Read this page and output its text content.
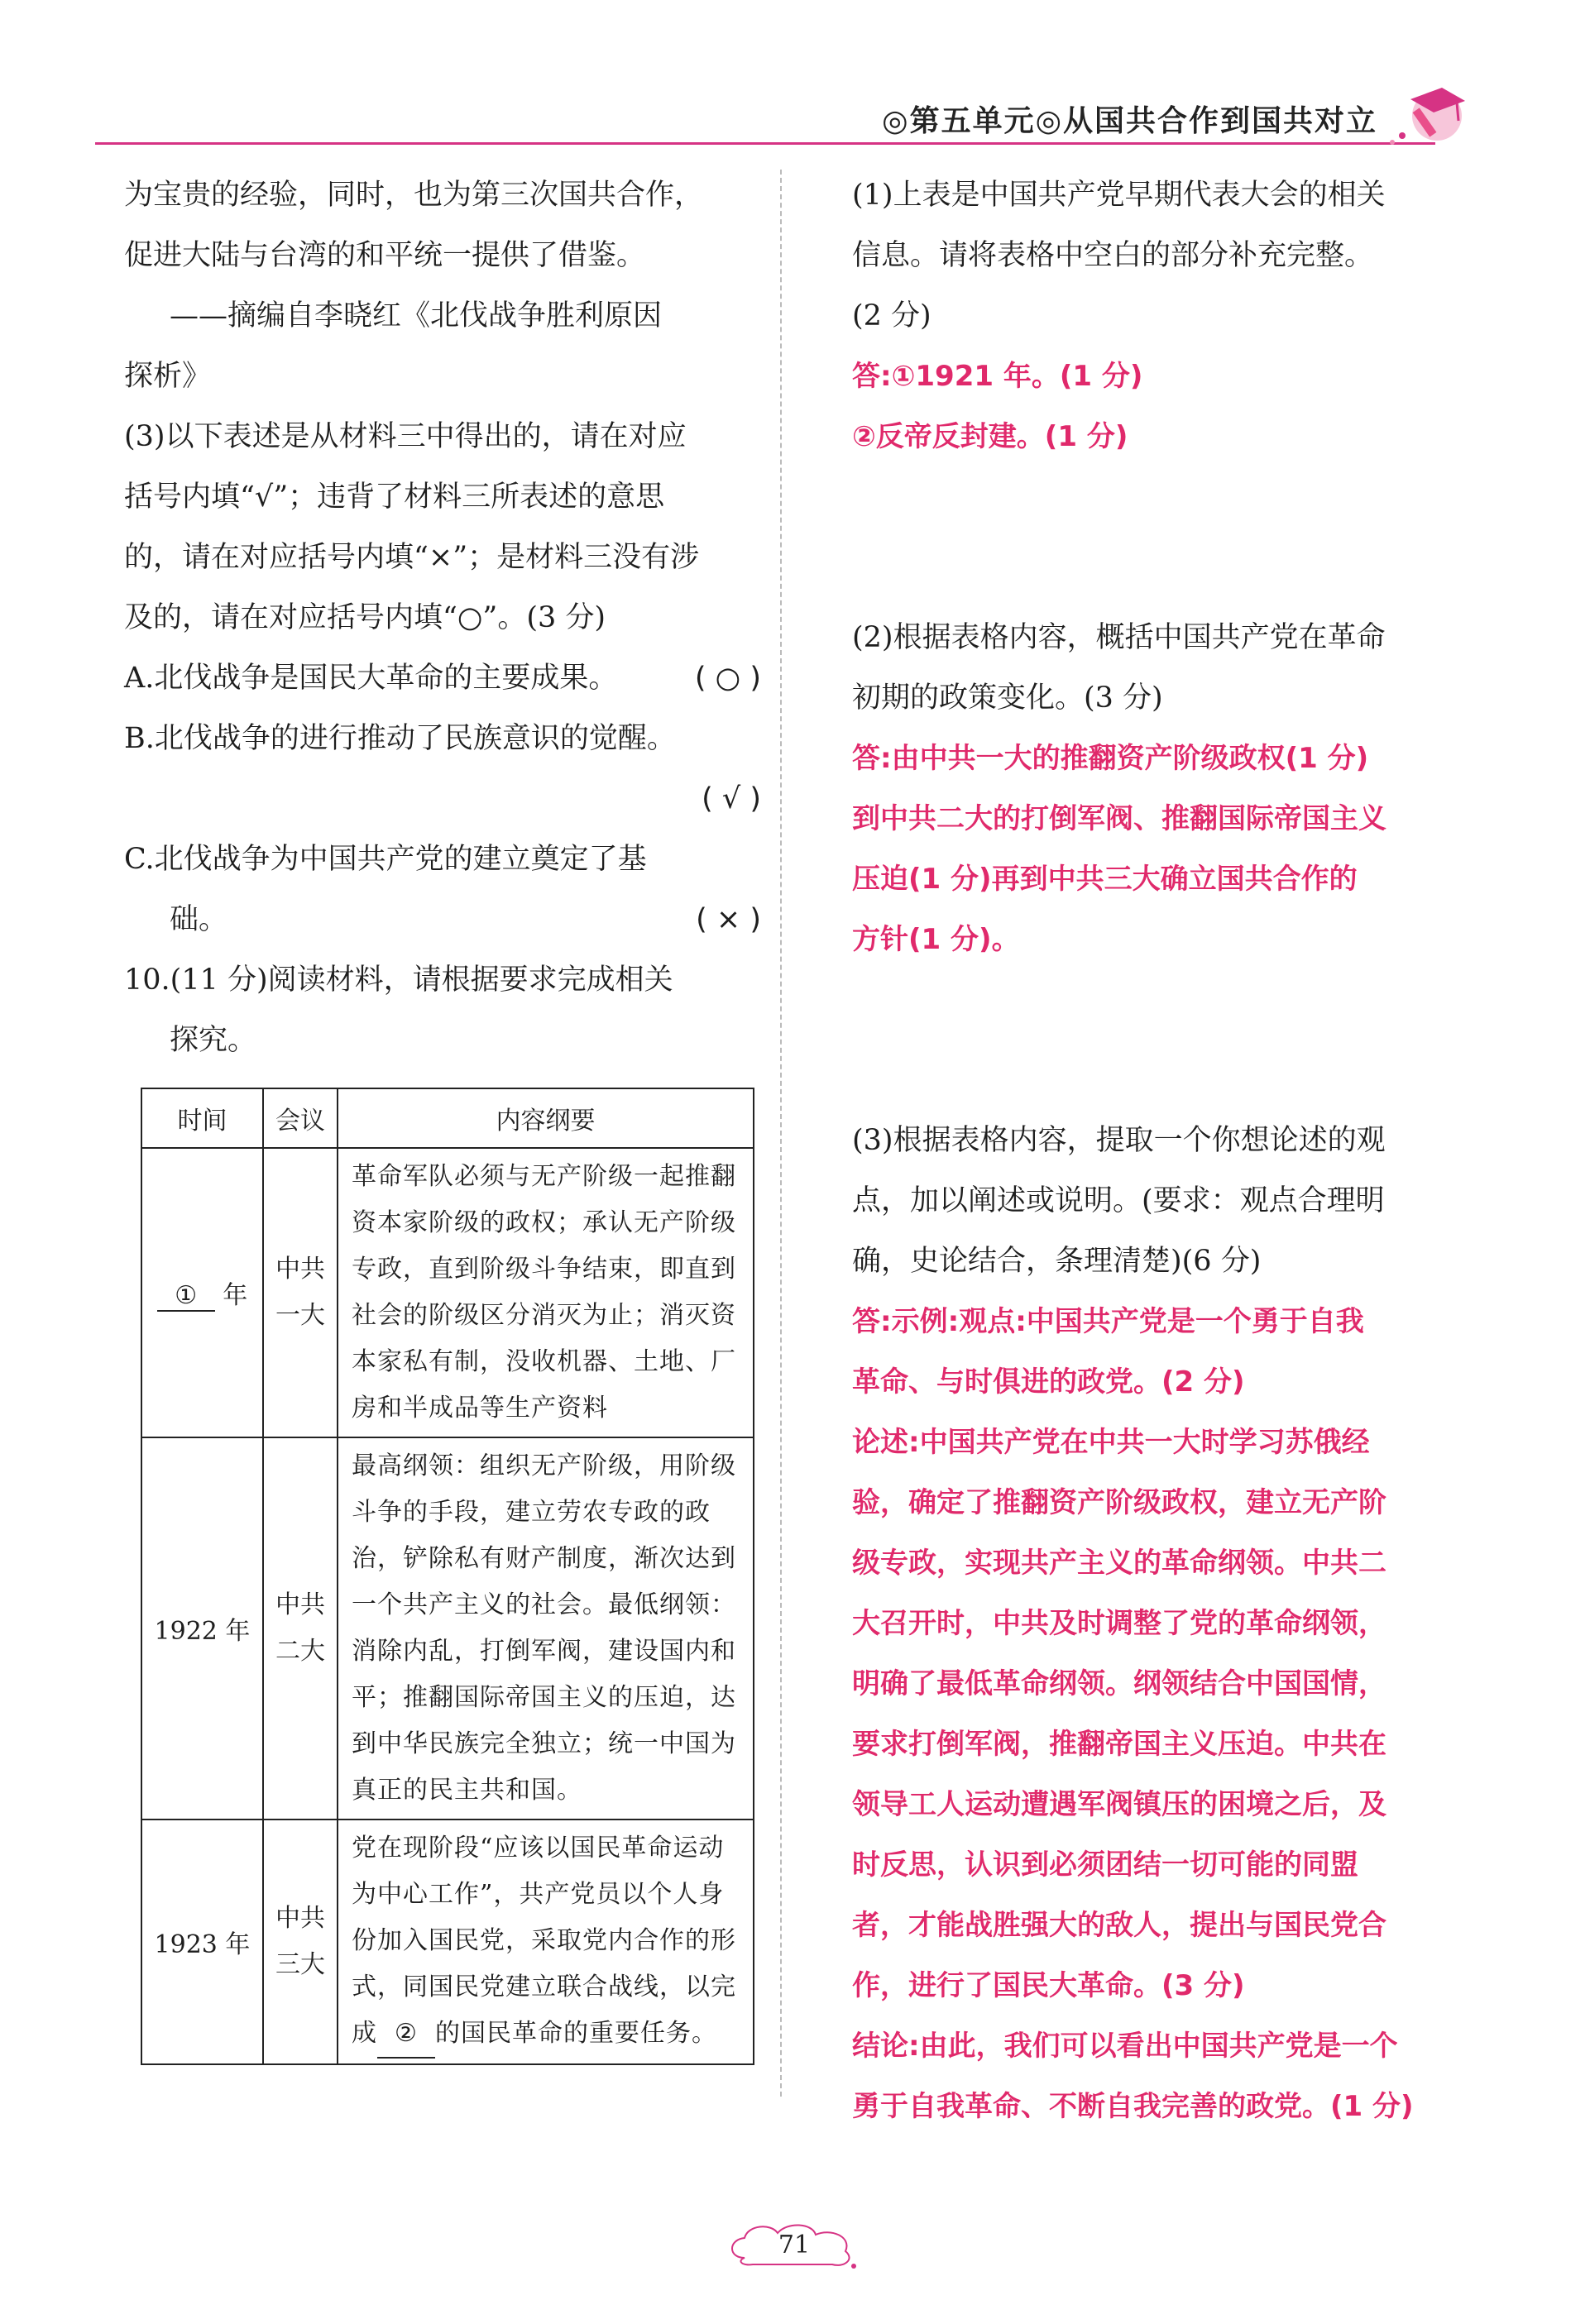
◎第五单元◎从国共合作到国共对立

为宝贵的经验，同时，也为第三次国共合作，

促进大陆与台湾的和平统一提供了借鉴。

——摘编自李晓红《北伐战争胜利原因

探析》

(3)以下表述是从材料三中得出的，请在对应

括号内填“√”；违背了材料三所表述的意思

的，请在对应括号内填“×”；是材料三没有涉

及的，请在对应括号内填“○”。(3 分)

A.北伐战争是国民大革命的主要成果。	( ○ )

B.北伐战争的进行推动了民族意识的觉醒。

( √ )

C.北伐战争为中国共产党的建立奠定了基

础。	( × )

10.(11 分)阅读材料，请根据要求完成相关

探究。

时间	会议	内容纲要
① 年	中共
一大	革命军队必须与无产阶级一起推翻资本家阶级的政权；承认无产阶级专政，直到阶级斗争结束，即直到社会的阶级区分消灭为止；消灭资本家私有制，没收机器、土地、厂房和半成品等生产资料
1922 年	中共
二大	最高纲领：组织无产阶级，用阶级斗争的手段，建立劳农专政的政治，铲除私有财产制度，渐次达到一个共产主义的社会。最低纲领：消除内乱，打倒军阀，建设国内和平；推翻国际帝国主义的压迫，达到中华民族完全独立；统一中国为真正的民主共和国。
1923 年	中共
三大	党在现阶段“应该以国民革命运动为中心工作”，共产党员以个人身份加入国民党，采取党内合作的形式，同国民党建立联合战线，以完成 ② 的国民革命的重要任务。

(1)上表是中国共产党早期代表大会的相关

信息。请将表格中空白的部分补充完整。

(2 分)

答:①1921 年。(1 分)

②反帝反封建。(1 分)

(2)根据表格内容，概括中国共产党在革命

初期的政策变化。(3 分)

答:由中共一大的推翻资产阶级政权(1 分)

到中共二大的打倒军阀、推翻国际帝国主义

压迫(1 分)再到中共三大确立国共合作的

方针(1 分)。

(3)根据表格内容，提取一个你想论述的观

点，加以阐述或说明。(要求：观点合理明

确，史论结合，条理清楚)(6 分)

答:示例:观点:中国共产党是一个勇于自我

革命、与时俱进的政党。(2 分)

论述:中国共产党在中共一大时学习苏俄经

验，确定了推翻资产阶级政权，建立无产阶

级专政，实现共产主义的革命纲领。中共二

大召开时，中共及时调整了党的革命纲领，

明确了最低革命纲领。纲领结合中国国情，

要求打倒军阀，推翻帝国主义压迫。中共在

领导工人运动遭遇军阀镇压的困境之后，及

时反思，认识到必须团结一切可能的同盟

者，才能战胜强大的敌人，提出与国民党合

作，进行了国民大革命。(3 分)

结论:由此，我们可以看出中国共产党是一个

勇于自我革命、不断自我完善的政党。(1 分)

71
